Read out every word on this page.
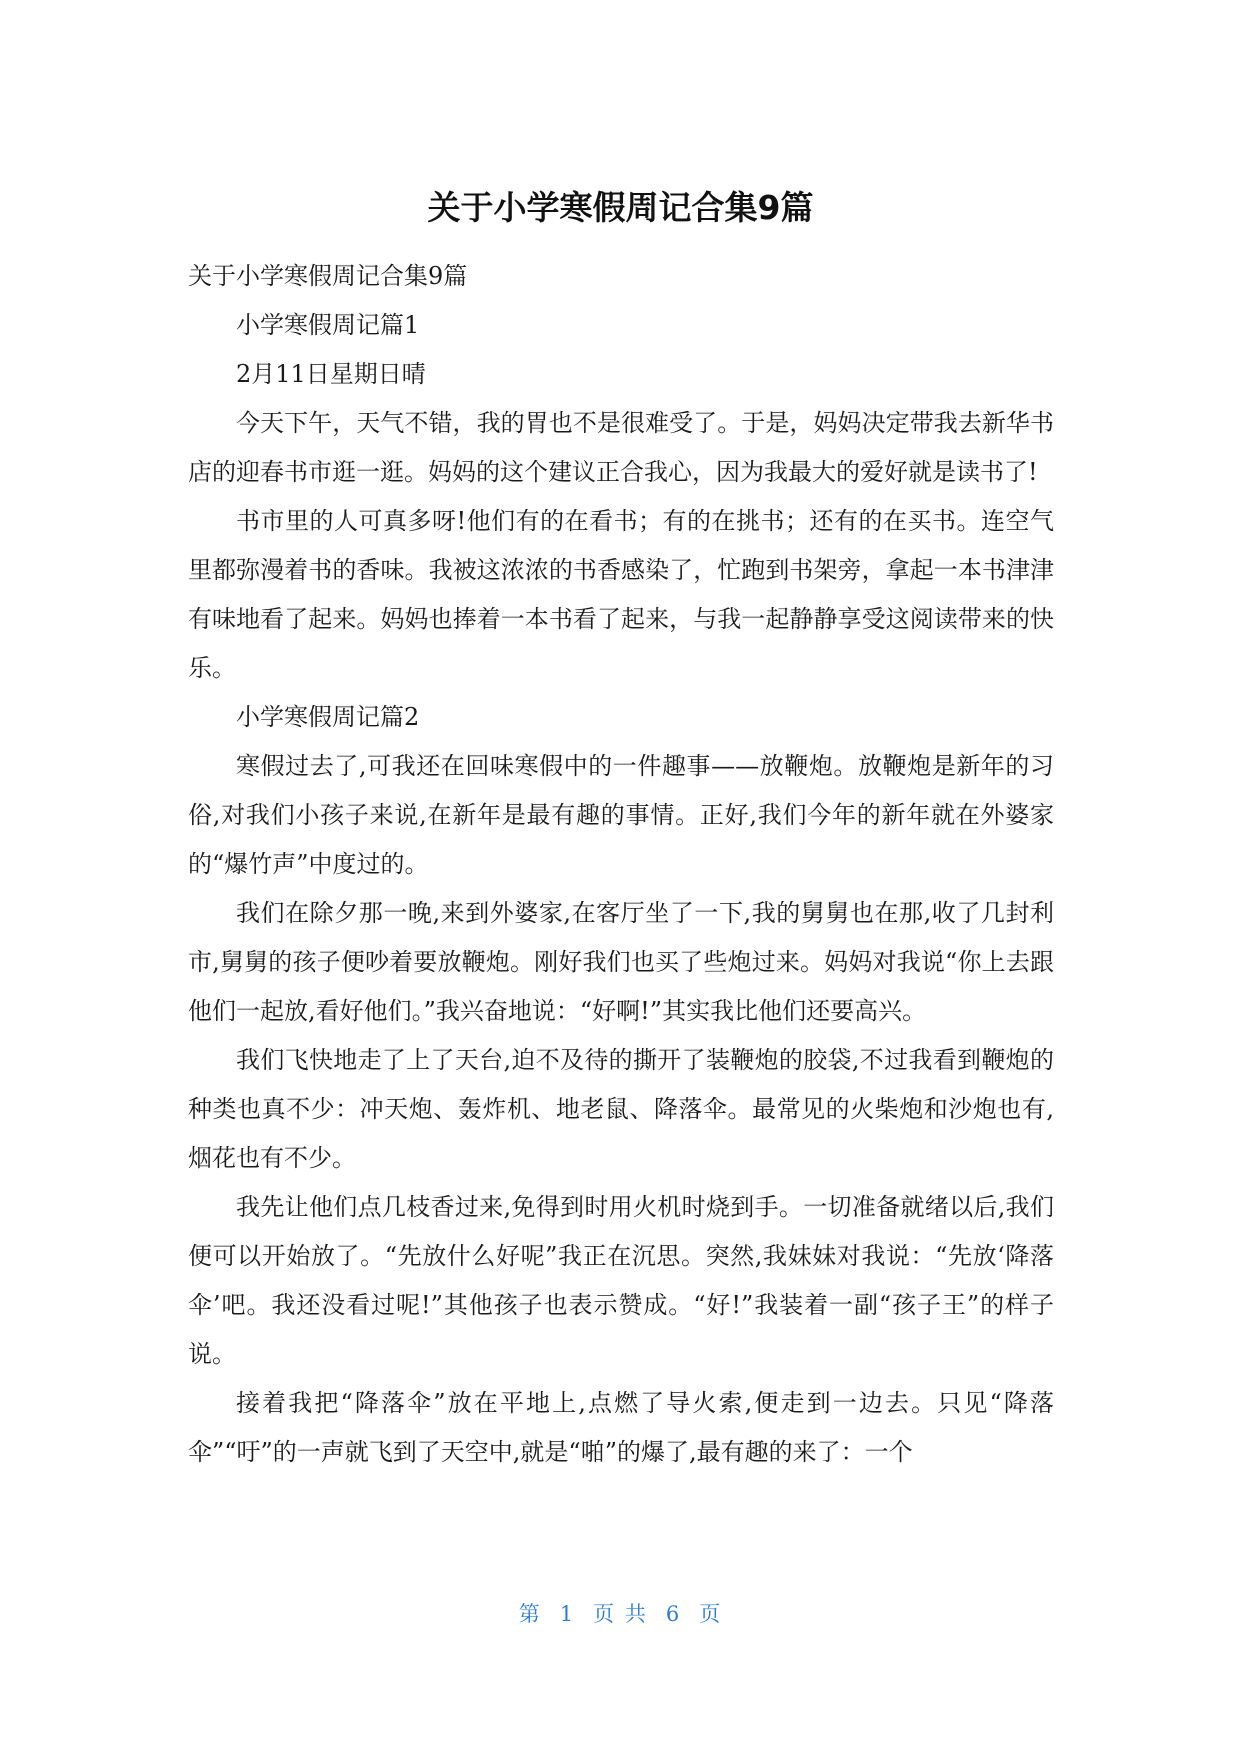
关于小学寒假周记合集9篇

关于小学寒假周记合集9篇

小学寒假周记篇1

2月11日星期日晴

今天下午，天气不错，我的胃也不是很难受了。于是，妈妈决定带我去新华书店的迎春书市逛一逛。妈妈的这个建议正合我心，因为我最大的爱好就是读书了!

书市里的人可真多呀!他们有的在看书；有的在挑书；还有的在买书。连空气里都弥漫着书的香味。我被这浓浓的书香感染了，忙跑到书架旁，拿起一本书津津有味地看了起来。妈妈也捧着一本书看了起来，与我一起静静享受这阅读带来的快乐。

小学寒假周记篇2

寒假过去了,可我还在回味寒假中的一件趣事——放鞭炮。放鞭炮是新年的习俗,对我们小孩子来说,在新年是最有趣的事情。正好,我们今年的新年就在外婆家的“爆竹声”中度过的。

我们在除夕那一晚,来到外婆家,在客厅坐了一下,我的舅舅也在那,收了几封利市,舅舅的孩子便吵着要放鞭炮。刚好我们也买了些炮过来。妈妈对我说“你上去跟他们一起放,看好他们。”我兴奋地说：“好啊!”其实我比他们还要高兴。

我们飞快地走了上了天台,迫不及待的撕开了装鞭炮的胶袋,不过我看到鞭炮的种类也真不少：冲天炮、轰炸机、地老鼠、降落伞。最常见的火柴炮和沙炮也有,烟花也有不少。

我先让他们点几枝香过来,免得到时用火机时烧到手。一切准备就绪以后,我们便可以开始放了。“先放什么好呢”我正在沉思。突然,我妹妹对我说：“先放‘降落伞’吧。我还没看过呢!”其他孩子也表示赞成。“好!”我装着一副“孩子王”的样子说。

接着我把“降落伞”放在平地上,点燃了导火索,便走到一边去。只见“降落伞”“吁”的一声就飞到了天空中,就是“啪”的爆了,最有趣的来了：一个

第 1 页 共 6 页
